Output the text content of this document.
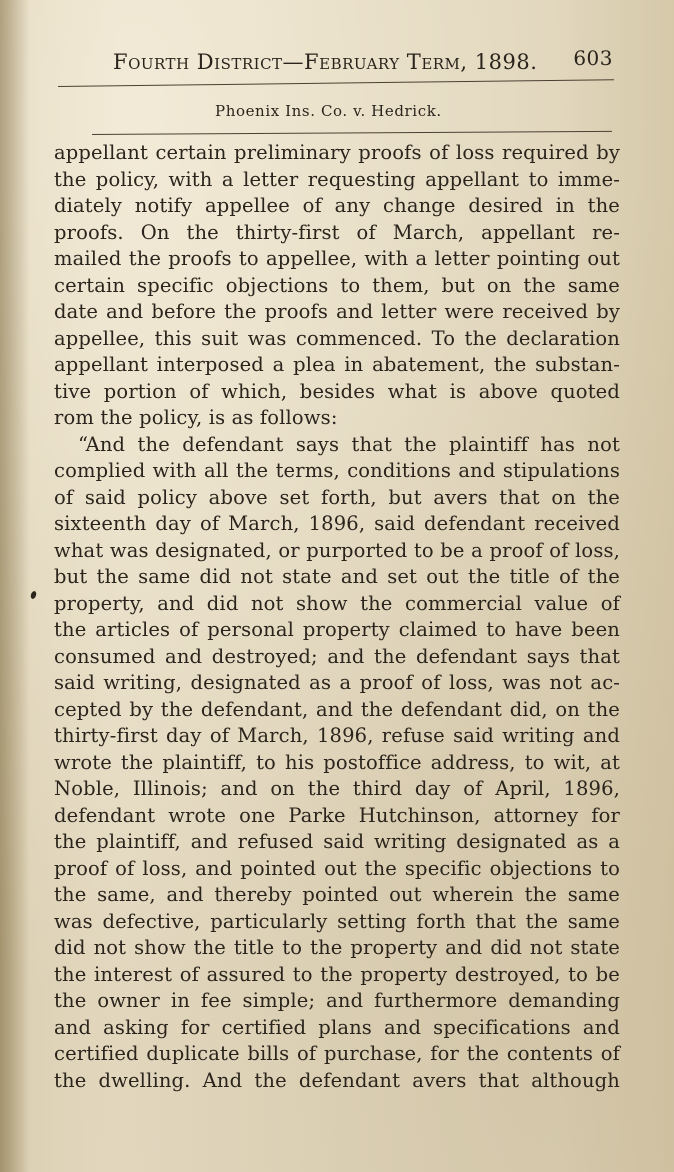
Fourth District—February Term, 1898. 603
Phoenix Ins. Co. v. Hedrick.
appellant certain preliminary proofs of loss required by
the policy, with a letter requesting appellant to imme-
diately notify appellee of any change desired in the
proofs. On the thirty-first of March, appellant re-
mailed the proofs to appellee, with a letter pointing out
certain specific objections to them, but on the same
date and before the proofs and letter were received by
appellee, this suit was commenced. To the declaration
appellant interposed a plea in abatement, the substan-
tive portion of which, besides what is above quoted
rom the policy, is as follows:
“And the defendant says that the plaintiff has not
complied with all the terms, conditions and stipulations
of said policy above set forth, but avers that on the
sixteenth day of March, 1896, said defendant received
what was designated, or purported to be a proof of loss,
but the same did not state and set out the title of the
property, and did not show the commercial value of
the articles of personal property claimed to have been
consumed and destroyed; and the defendant says that
said writing, designated as a proof of loss, was not ac-
cepted by the defendant, and the defendant did, on the
thirty-first day of March, 1896, refuse said writing and
wrote the plaintiff, to his postoffice address, to wit, at
Noble, Illinois; and on the third day of April, 1896,
defendant wrote one Parke Hutchinson, attorney for
the plaintiff, and refused said writing designated as a
proof of loss, and pointed out the specific objections to
the same, and thereby pointed out wherein the same
was defective, particularly setting forth that the same
did not show the title to the property and did not state
the interest of assured to the property destroyed, to be
the owner in fee simple; and furthermore demanding
and asking for certified plans and specifications and
certified duplicate bills of purchase, for the contents of
the dwelling. And the defendant avers that although
